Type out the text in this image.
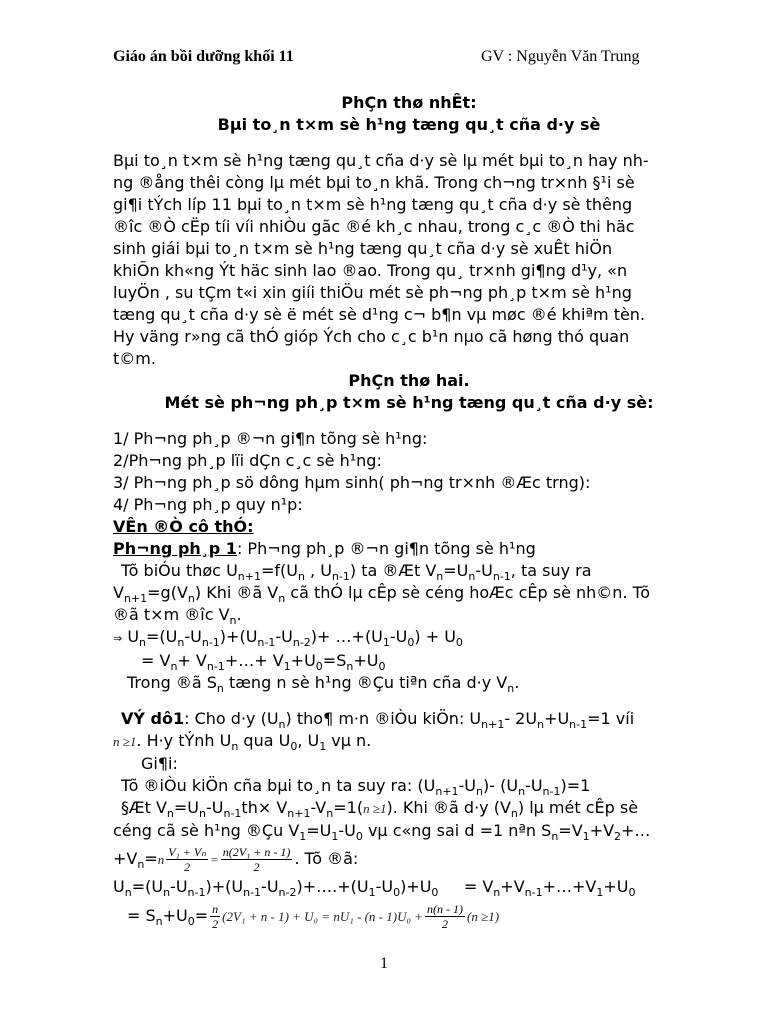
Giáo án bồi dưỡng khối 11	GV : Nguyễn Văn Trung
PhÇn thø nhÊt:
Bµi to¸n t×m sè h¹ng tæng qu¸t cña d·y sè
Bµi to¸n t×m sè h¹ng tæng qu¸t cña d·y sè lµ mét bµi to¸n hay nh-
ng ®ång thêi còng lµ mét bµi to¸n khã. Trong ch¬ng tr×nh §¹i sè
gi¶i tÝch líp 11 bµi to¸n t×m sè h¹ng tæng qu¸t cña d·y sè thêng
®îc ®Ò cËp tíi víi nhiÒu gãc ®é kh¸c nhau, trong c¸c ®Ò thi häc
sinh giái bµi to¸n t×m sè h¹ng tæng qu¸t cña d·y sè xuÊt hiÖn
khiÕn kh«ng Ýt häc sinh lao ®ao. Trong qu¸ tr×nh gi¶ng d¹y, «n
luyÖn , su tÇm t«i xin giíi thiÖu mét sè ph¬ng ph¸p t×m sè h¹ng
tæng qu¸t cña d·y sè ë mét sè d¹ng c¬ b¶n vµ møc ®é khiªm tèn.
Hy väng r»ng cã thÓ gióp Ých cho c¸c b¹n nµo cã høng thó quan
t©m.
PhÇn thø hai.
Mét sè ph¬ng ph¸p t×m sè h¹ng tæng qu¸t cña d·y sè:
1/ Ph¬ng ph¸p ®¬n gi¶n tõng sè h¹ng:
2/Ph¬ng ph¸p lïi dÇn c¸c sè h¹ng:
3/ Ph¬ng ph¸p sö dông hµm sinh( ph¬ng tr×nh ®Æc trng):
4/ Ph¬ng ph¸p quy n¹p:
VÊn ®Ò cô thÓ:
Ph¬ng ph¸p 1: Ph¬ng ph¸p ®¬n gi¶n tõng sè h¹ng
Tõ biÓu thøc $U_{n+1}=f(U_n$ , $U_{n-1}$) ta ®Æt $V_n=U_n-U_{n-1}$, ta suy ra
$V_{n+1}=g(V_n)$ Khi ®ã $V_n$ cã thÓ lµ cÊp sè céng hoÆc cÊp sè nh©n. Tõ
®ã t×m ®îc $V_n$.
⇒ $U_n=(U_n-U_{n-1})+(U_{n-1}-U_{n-2})+$ $\dots+(U_1-U_0) + U_0$
= $V_n+$ $V_{n-1}+\dots+ V_1+U_0=S_n+U_0$
Trong ®ã $S_n$ tæng n sè h¹ng ®Çu tiªn cña d·y $V_n$.
VÝ dô1: Cho d·y $(U_n)$ tho¶ m·n ®iÒu kiÖn: $U_{n+1}-$ $2U_n+U_{n-1}=1$ víi
n ≥1. H·y tÝnh $U_n$ qua $U_0$, $U_1$ vµ n.
Gi¶i:
Tõ ®iÒu kiÖn cña bµi to¸n ta suy ra: $(U_{n+1}-U_n)-$ $(U_n-U_{n-1})=1$
§Æt $V_n=U_n-U_{n-1}th\times V_{n+1}-V_n=1(n \ge 1)$. Khi ®ã d·y $(V_n)$ lµ mét cÊp sè
céng cã sè h¹ng ®Çu $V_1=U_1-U_0$ vµ c«ng sai d =1 nªn $S_n=V_1+V_2+\dots$
$+V_n=n \frac{\text{V₁ + Vₙ}}{2} = \frac{\text{n(2V₁ + n - 1)}}{2}$ . Tõ ®ã:
$U_n=(U_n-U_{n-1})+(U_{n-1}-U_{n-2})+\dots.+(U_1-U_0)+U_0$ = $V_n+V_{n-1}+\dots+V_1+U_0$
= $S_n+U_0= \frac{n}{2} (2V_1 + n - 1) + U_0 = nU_1 - (n - 1)U_0 + \frac{n(n - 1)}{2} (n \ge 1)$
1
